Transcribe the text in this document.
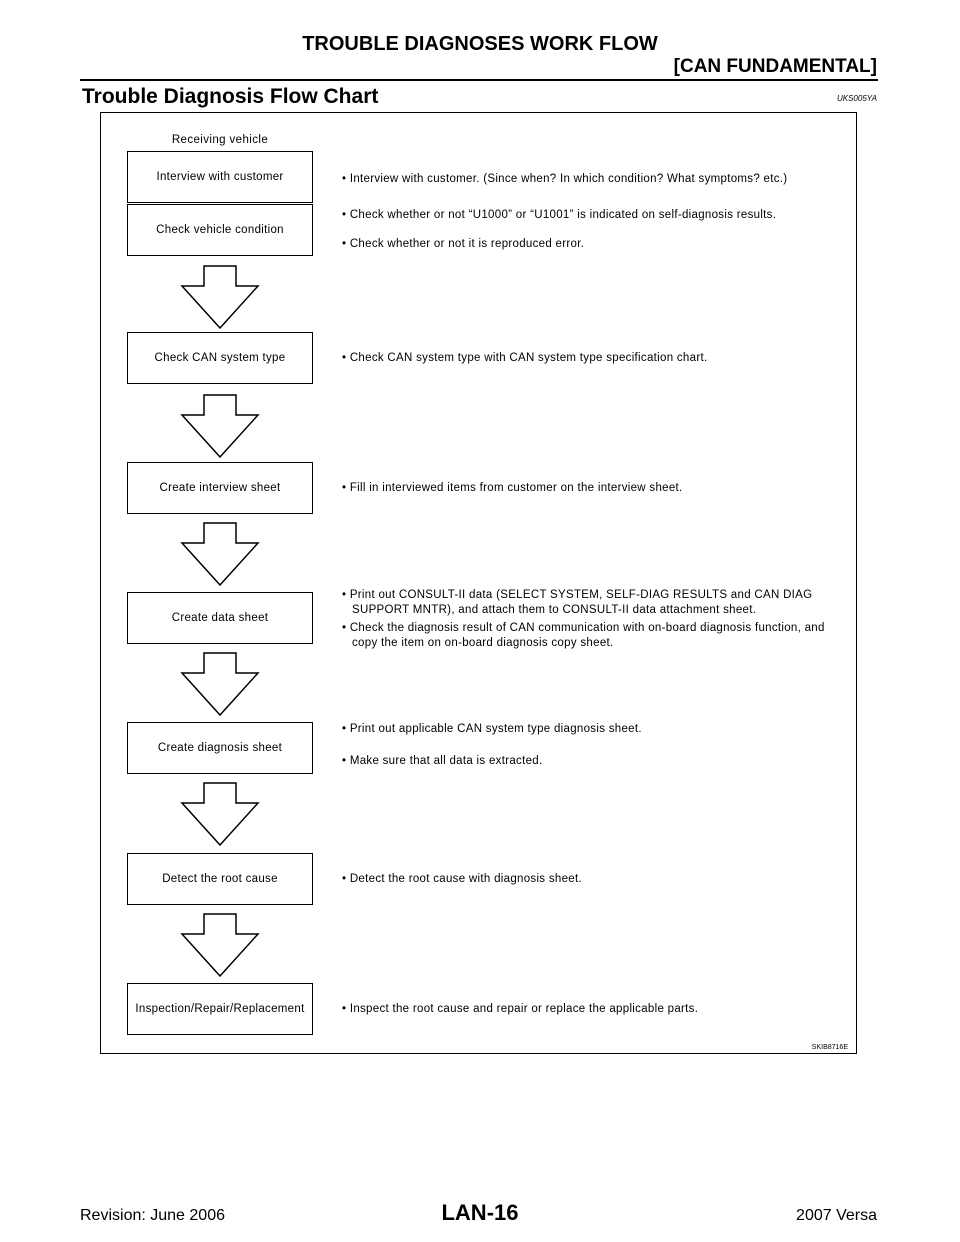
TROUBLE DIAGNOSES WORK FLOW
[CAN FUNDAMENTAL]
Trouble Diagnosis Flow Chart	UKS005YA
Receiving vehicle
Interview with customer	• Interview with customer. (Since when? In which condition? What symptoms? etc.)

Check vehicle condition

• Check whether or not “U1000” or “U1001” is indicated on self-diagnosis results.

• Check whether or not it is reproduced error.

Check CAN system type	• Check CAN system type with CAN system type specification chart.

Create interview sheet	• Fill in interviewed items from customer on the interview sheet.

Create data sheet

• Print out CONSULT-II data (SELECT SYSTEM, SELF-DIAG RESULTS and CAN DIAG SUPPORT MNTR), and attach them to CONSULT-II data attachment sheet.

• Check the diagnosis result of CAN communication with on-board diagnosis function, and copy the item on on-board diagnosis copy sheet.

Create diagnosis sheet

• Print out applicable CAN system type diagnosis sheet.

• Make sure that all data is extracted.

Detect the root cause	• Detect the root cause with diagnosis sheet.

Inspection/Repair/Replacement	• Inspect the root cause and repair or replace the applicable parts.

SKIB8716E
Revision: June 2006	LAN-16	2007 Versa
